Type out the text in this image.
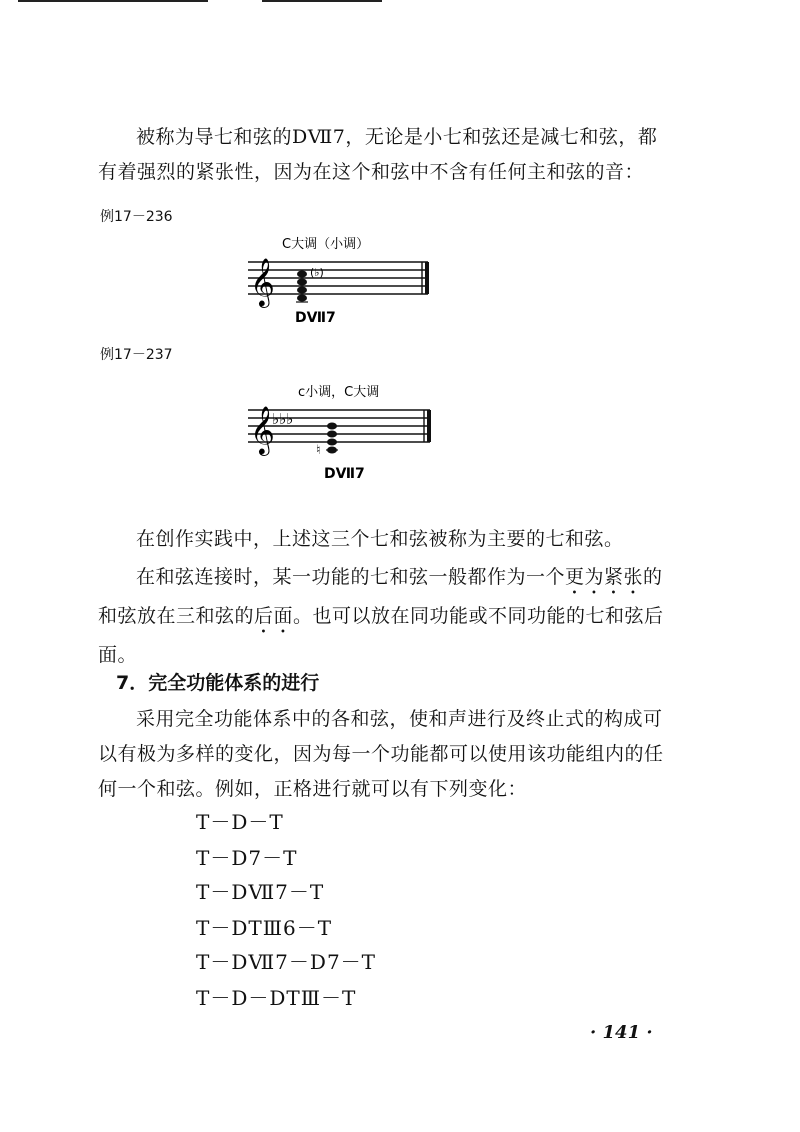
被称为导七和弦的DⅦ7，无论是小七和弦还是减七和弦，都有着强烈的紧张性，因为在这个和弦中不含有任何主和弦的音：

例17－236

C大调（小调）
𝄞	(♭)
DⅦ7

例17－237

c小调，C大调
𝄞
♭♭♭
♮
DⅦ7

在创作实践中，上述这三个七和弦被称为主要的七和弦。

在和弦连接时，某一功能的七和弦一般都作为一个更为紧张的和弦放在三和弦的后面。也可以放在同功能或不同功能的七和弦后面。

7．完全功能体系的进行

采用完全功能体系中的各和弦，使和声进行及终止式的构成可以有极为多样的变化，因为每一个功能都可以使用该功能组内的任何一个和弦。例如，正格进行就可以有下列变化：

T－D－T

T－D7－T

T－DⅦ7－T

T－DTⅢ6－T

T－DⅦ7－D7－T

T－D－DTⅢ－T

· 141 ·
